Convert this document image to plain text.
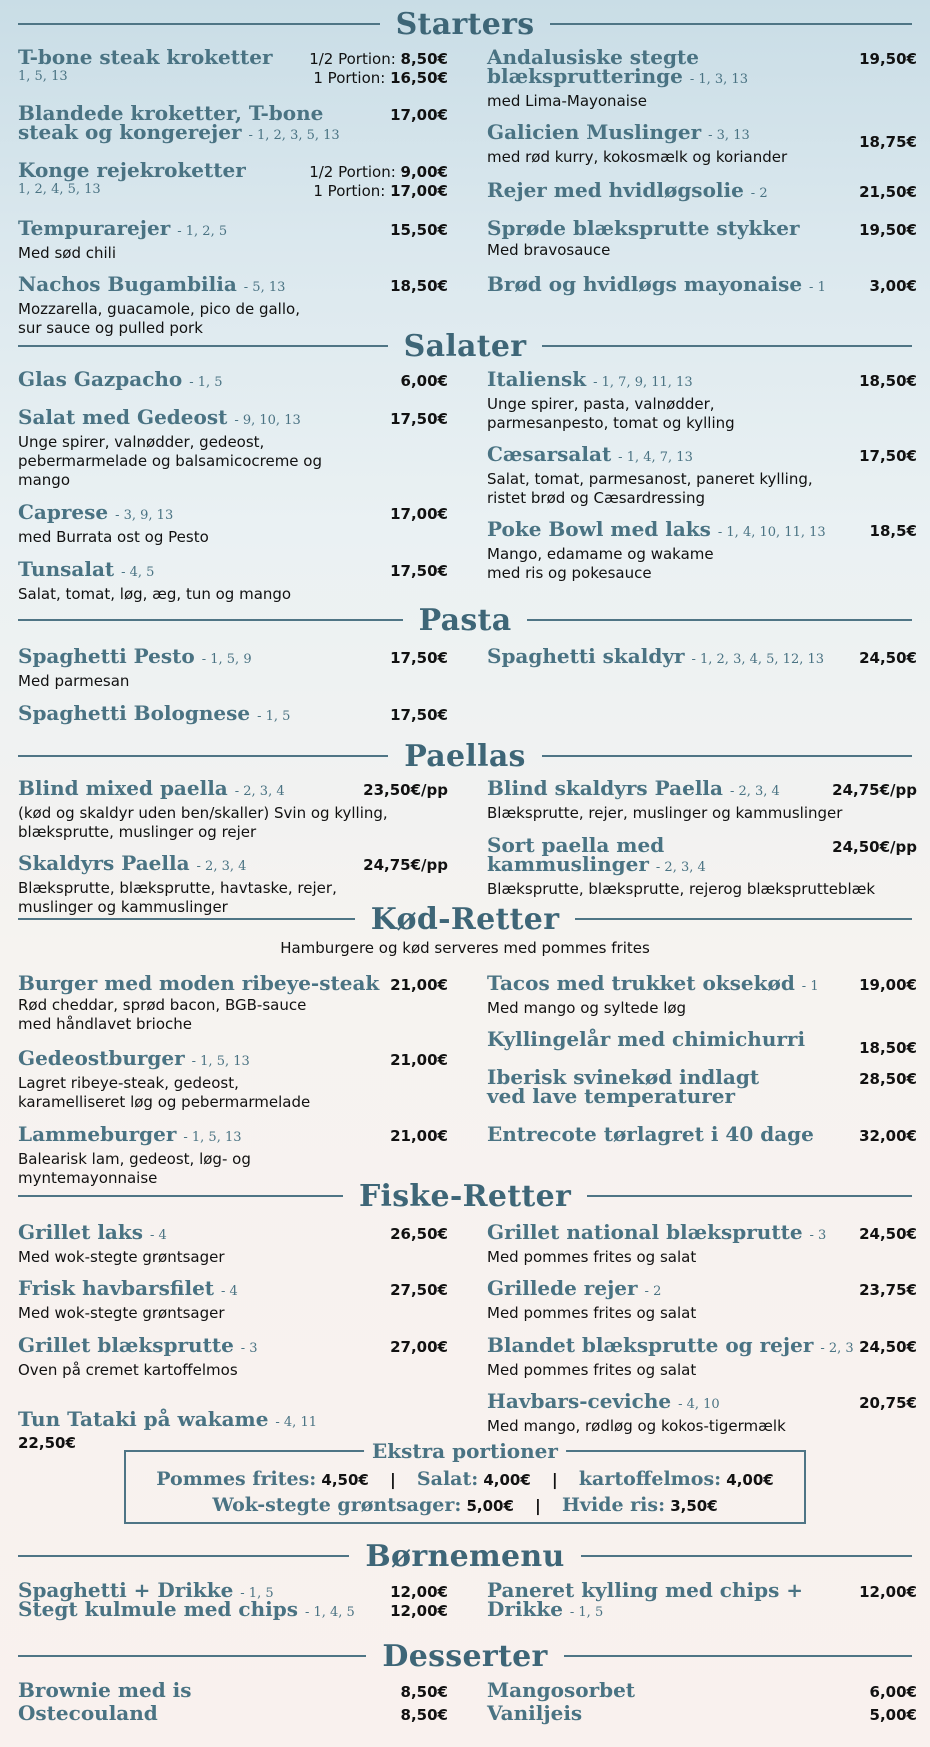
Starters
T-bone steak kroketter
1, 5, 13
1/2 Portion: 8,50€
1 Portion: 16,50€
Blandede kroketter, T-bone steak og kongerejer - 1, 2, 3, 5, 13
17,00€
Konge rejekroketter
1, 2, 4, 5, 13
1/2 Portion: 9,00€
1 Portion: 17,00€
Tempurarejer - 1, 2, 5
Med sød chili
15,50€
Nachos Bugambilia - 5, 13
Mozzarella, guacamole, pico de gallo, sur sauce og pulled pork
18,50€
Andalusiske stegte blæksprutteringe - 1, 3, 13
med Lima-Mayonaise
19,50€
Galicien Muslinger - 3, 13
med rød kurry, kokosmælk og koriander
18,75€
Rejer med hvidløgsolie - 2	21,50€
Sprøde blæksprutte stykker
Med bravosauce
19,50€
Brød og hvidløgs mayonaise - 1	3,00€
Salater
Glas Gazpacho - 1, 5	6,00€
Salat med Gedeost - 9, 10, 13
Unge spirer, valnødder, gedeost, pebermarmelade og balsamicocreme og mango
17,50€
Caprese - 3, 9, 13
med Burrata ost og Pesto
17,00€
Tunsalat - 4, 5
Salat, tomat, løg, æg, tun og mango
17,50€
Italiensk - 1, 7, 9, 11, 13
Unge spirer, pasta, valnødder, parmesanpesto, tomat og kylling
18,50€
Cæsarsalat - 1, 4, 7, 13
Salat, tomat, parmesanost, paneret kylling, ristet brød og Cæsardressing
17,50€
Poke Bowl med laks - 1, 4, 10, 11, 13
Mango, edamame og wakame med ris og pokesauce
18,5€
Pasta
Spaghetti Pesto - 1, 5, 9
Med parmesan
17,50€
Spaghetti Bolognese - 1, 5	17,50€
Spaghetti skaldyr - 1, 2, 3, 4, 5, 12, 13	24,50€
Paellas
Blind mixed paella - 2, 3, 4
(kød og skaldyr uden ben/skaller) Svin og kylling, blæksprutte, muslinger og rejer
23,50€/pp
Skaldyrs Paella - 2, 3, 4
Blæksprutte, blæksprutte, havtaske, rejer, muslinger og kammuslinger
24,75€/pp
Blind skaldyrs Paella - 2, 3, 4
Blæksprutte, rejer, muslinger og kammuslinger
24,75€/pp
Sort paella med kammuslinger - 2, 3, 4
Blæksprutte, blæksprutte, rejerog blæksprutteblæk
24,50€/pp
Kød-Retter
Hamburgere og kød serveres med pommes frites
Burger med moden ribeye-steak
Rød cheddar, sprød bacon, BGB-sauce med håndlavet brioche
21,00€
Gedeostburger - 1, 5, 13
Lagret ribeye-steak, gedeost, karamelliseret løg og pebermarmelade
21,00€
Lammeburger - 1, 5, 13
Balearisk lam, gedeost, løg- og myntemayonnaise
21,00€
Tacos med trukket oksekød - 1
Med mango og syltede løg
19,00€
Kyllingelår med chimichurri	18,50€
Iberisk svinekød indlagt ved lave temperaturer
28,50€
Entrecote tørlagret i 40 dage	32,00€
Fiske-Retter
Grillet laks - 4
Med wok-stegte grøntsager
26,50€
Frisk havbarsfilet - 4
Med wok-stegte grøntsager
27,50€
Grillet blæksprutte - 3
Oven på cremet kartoffelmos
27,00€
Tun Tataki på wakame - 4, 11
22,50€
Grillet national blæksprutte - 3
Med pommes frites og salat
24,50€
Grillede rejer - 2
Med pommes frites og salat
23,75€
Blandet blæksprutte og rejer - 2, 3
Med pommes frites og salat
24,50€
Havbars-ceviche - 4, 10
Med mango, rødløg og kokos-tigermælk
20,75€
Ekstra portioner
Pommes frites: 4,50€ | Salat: 4,00€ | kartoffelmos: 4,00€
Wok-stegte grøntsager: 5,00€ | Hvide ris: 3,50€
Børnemenu
Spaghetti + Drikke - 1, 5	12,00€
Stegt kulmule med chips - 1, 4, 5	12,00€
Paneret kylling med chips + Drikke - 1, 5
12,00€
Desserter
Brownie med is	8,50€
Ostecouland	8,50€
Mangosorbet	6,00€
Vaniljeis	5,00€
